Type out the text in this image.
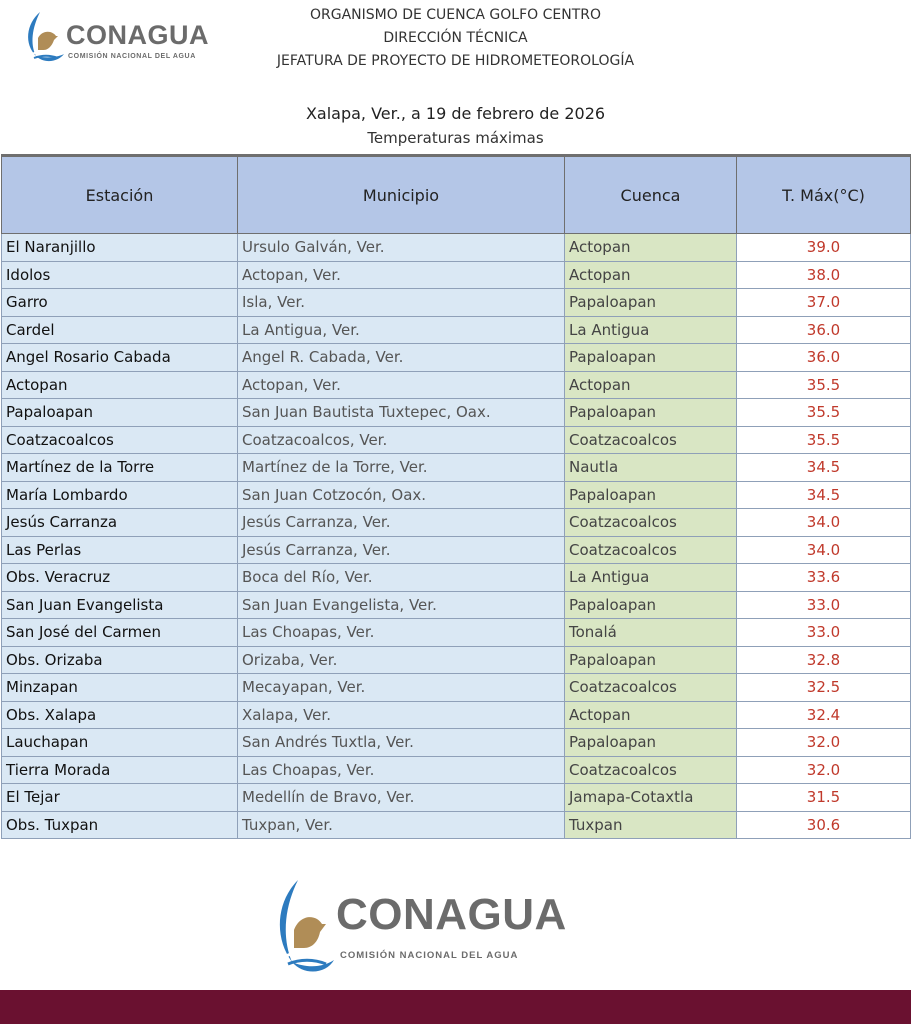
CONAGUA
COMISIÓN NACIONAL DEL AGUA
ORGANISMO DE CUENCA GOLFO CENTRO
DIRECCIÓN TÉCNICA
JEFATURA DE PROYECTO DE HIDROMETEOROLOGÍA
Xalapa, Ver., a 19 de febrero de 2026
Temperaturas máximas
Estación	Municipio	Cuenca	T. Máx(°C)
El Naranjillo	Ursulo Galván, Ver.	Actopan	39.0
Idolos	Actopan, Ver.	Actopan	38.0
Garro	Isla, Ver.	Papaloapan	37.0
Cardel	La Antigua, Ver.	La Antigua	36.0
Angel Rosario Cabada	Angel R. Cabada, Ver.	Papaloapan	36.0
Actopan	Actopan, Ver.	Actopan	35.5
Papaloapan	San Juan Bautista Tuxtepec, Oax.	Papaloapan	35.5
Coatzacoalcos	Coatzacoalcos, Ver.	Coatzacoalcos	35.5
Martínez de la Torre	Martínez de la Torre, Ver.	Nautla	34.5
María Lombardo	San Juan Cotzocón, Oax.	Papaloapan	34.5
Jesús Carranza	Jesús Carranza, Ver.	Coatzacoalcos	34.0
Las Perlas	Jesús Carranza, Ver.	Coatzacoalcos	34.0
Obs. Veracruz	Boca del Río, Ver.	La Antigua	33.6
San Juan Evangelista	San Juan Evangelista, Ver.	Papaloapan	33.0
San José del Carmen	Las Choapas, Ver.	Tonalá	33.0
Obs. Orizaba	Orizaba, Ver.	Papaloapan	32.8
Minzapan	Mecayapan, Ver.	Coatzacoalcos	32.5
Obs. Xalapa	Xalapa, Ver.	Actopan	32.4
Lauchapan	San Andrés Tuxtla, Ver.	Papaloapan	32.0
Tierra Morada	Las Choapas, Ver.	Coatzacoalcos	32.0
El Tejar	Medellín de Bravo, Ver.	Jamapa-Cotaxtla	31.5
Obs. Tuxpan	Tuxpan, Ver.	Tuxpan	30.6
CONAGUA
COMISIÓN NACIONAL DEL AGUA
